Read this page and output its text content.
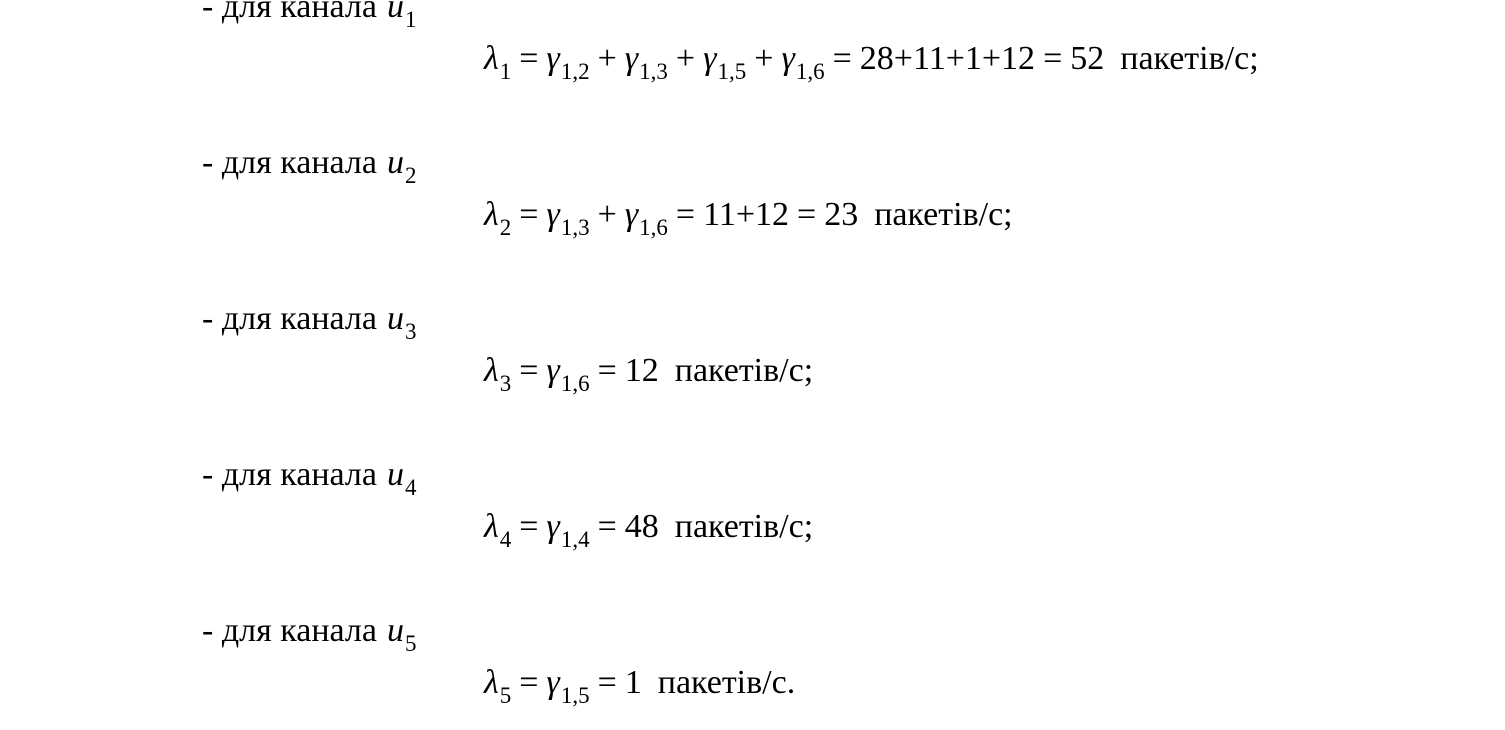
- для канала $u_1$
$\lambda_1 = \gamma_{1,2} + \gamma_{1,3} + \gamma_{1,5} + \gamma_{1,6} = 28+11+1+12 = 52$ пакетів/с;
- для канала $u_2$
$\lambda_2 = \gamma_{1,3} + \gamma_{1,6} = 11+12 = 23$ пакетів/с;
- для канала $u_3$
$\lambda_3 = \gamma_{1,6} = 12$ пакетів/с;
- для канала $u_4$
$\lambda_4 = \gamma_{1,4} = 48$ пакетів/с;
- для канала $u_5$
$\lambda_5 = \gamma_{1,5} = 1$ пакетів/с.
